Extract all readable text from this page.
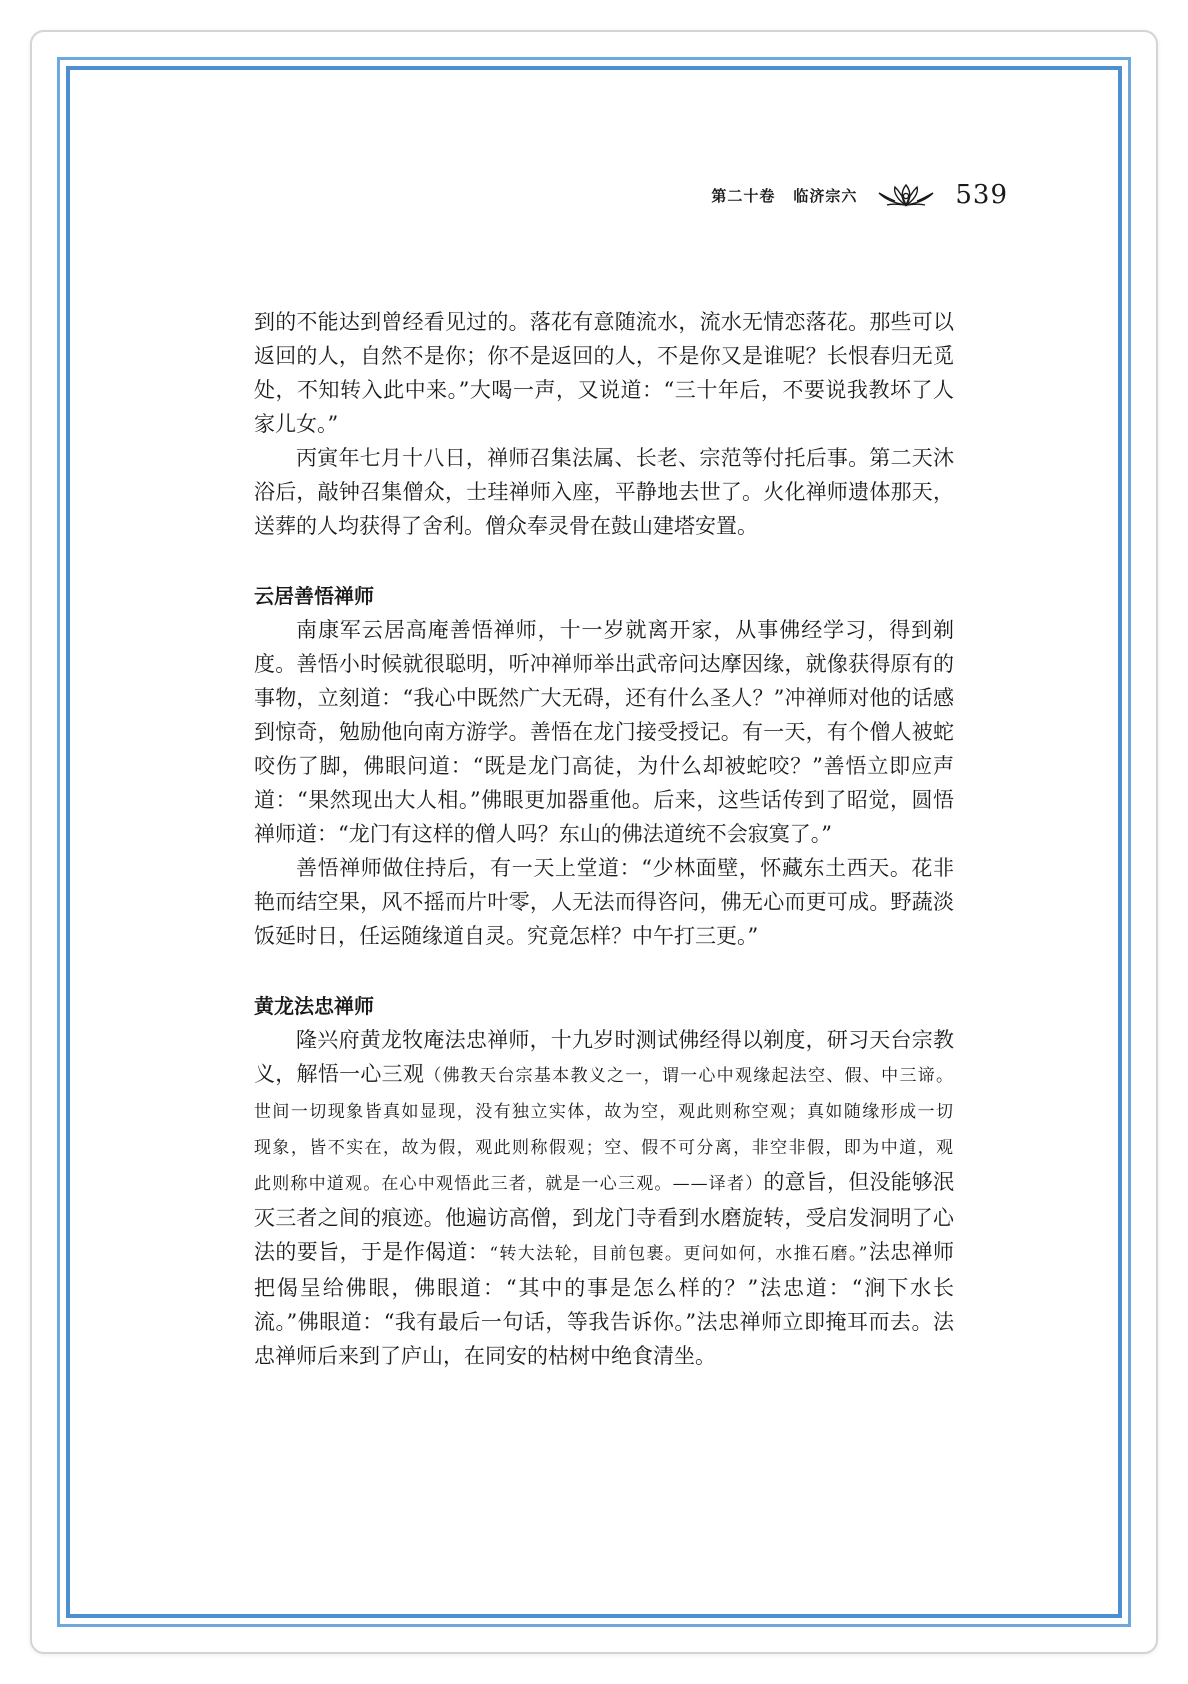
第二十卷 临济宗六	539

到的不能达到曾经看见过的。落花有意随流水，流水无情恋落花。那些可以返回的人，自然不是你；你不是返回的人，不是你又是谁呢？长恨春归无觅处，不知转入此中来。”大喝一声，又说道：“三十年后，不要说我教坏了人家儿女。”

丙寅年七月十八日，禅师召集法属、长老、宗范等付托后事。第二天沐浴后，敲钟召集僧众，士珪禅师入座，平静地去世了。火化禅师遗体那天，送葬的人均获得了舍利。僧众奉灵骨在鼓山建塔安置。

云居善悟禅师

南康军云居高庵善悟禅师，十一岁就离开家，从事佛经学习，得到剃度。善悟小时候就很聪明，听冲禅师举出武帝问达摩因缘，就像获得原有的事物，立刻道：“我心中既然广大无碍，还有什么圣人？”冲禅师对他的话感到惊奇，勉励他向南方游学。善悟在龙门接受授记。有一天，有个僧人被蛇咬伤了脚，佛眼问道：“既是龙门高徒，为什么却被蛇咬？”善悟立即应声道：“果然现出大人相。”佛眼更加器重他。后来，这些话传到了昭觉，圆悟禅师道：“龙门有这样的僧人吗？东山的佛法道统不会寂寞了。”

善悟禅师做住持后，有一天上堂道：“少林面壁，怀藏东土西天。花非艳而结空果，风不摇而片叶零，人无法而得咨问，佛无心而更可成。野蔬淡饭延时日，任运随缘道自灵。究竟怎样？中午打三更。”

黄龙法忠禅师

隆兴府黄龙牧庵法忠禅师，十九岁时测试佛经得以剃度，研习天台宗教义，解悟一心三观（佛教天台宗基本教义之一，谓一心中观缘起法空、假、中三谛。世间一切现象皆真如显现，没有独立实体，故为空，观此则称空观；真如随缘形成一切现象，皆不实在，故为假，观此则称假观；空、假不可分离，非空非假，即为中道，观此则称中道观。在心中观悟此三者，就是一心三观。——译者）的意旨，但没能够泯灭三者之间的痕迹。他遍访高僧，到龙门寺看到水磨旋转，受启发洞明了心法的要旨，于是作偈道：“转大法轮，目前包裹。更问如何，水推石磨。”法忠禅师把偈呈给佛眼，佛眼道：“其中的事是怎么样的？”法忠道：“涧下水长流。”佛眼道：“我有最后一句话，等我告诉你。”法忠禅师立即掩耳而去。法忠禅师后来到了庐山，在同安的枯树中绝食清坐。
